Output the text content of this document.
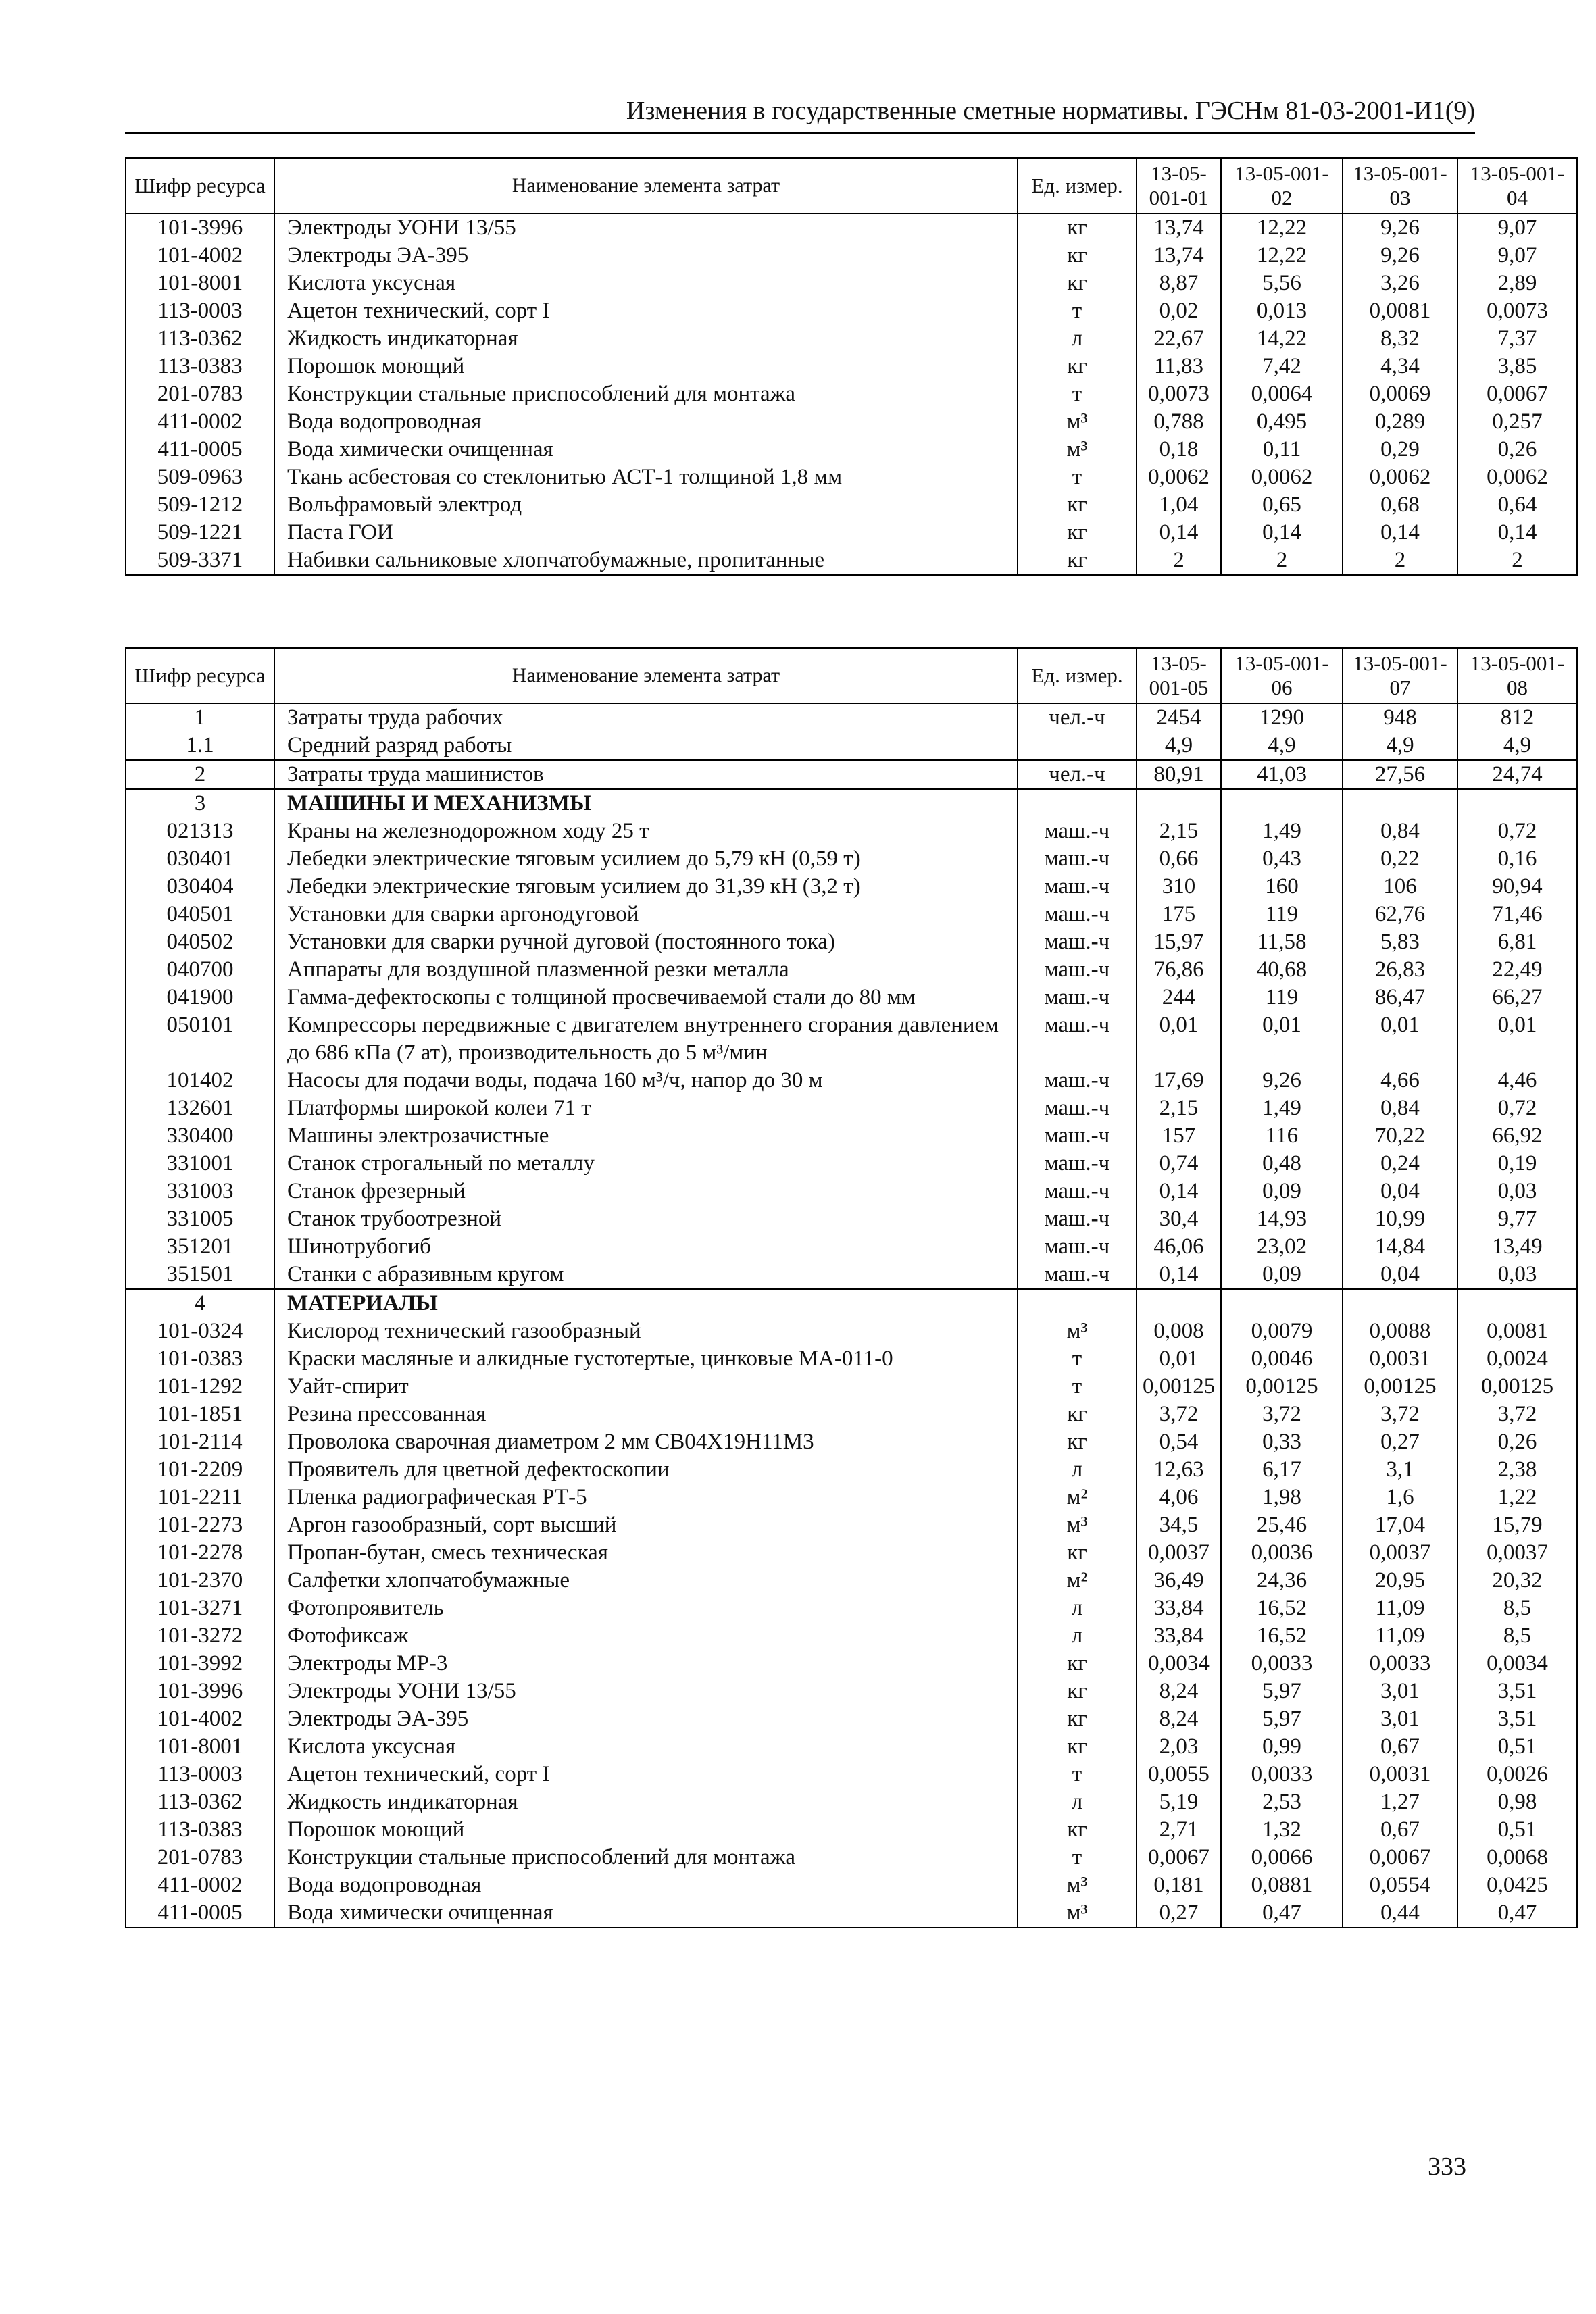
Изменения в государственные сметные нормативы. ГЭСНм 81-03-2001-И1(9)
Шифр ресурса	Наименование элемента затрат	Ед. измер.	13-05-001-01	13-05-001-02	13-05-001-03	13-05-001-04
101-3996	Электроды УОНИ 13/55	кг	13,74	12,22	9,26	9,07
101-4002	Электроды ЭА-395	кг	13,74	12,22	9,26	9,07
101-8001	Кислота уксусная	кг	8,87	5,56	3,26	2,89
113-0003	Ацетон технический, сорт I	т	0,02	0,013	0,0081	0,0073
113-0362	Жидкость индикаторная	л	22,67	14,22	8,32	7,37
113-0383	Порошок моющий	кг	11,83	7,42	4,34	3,85
201-0783	Конструкции стальные приспособлений для монтажа	т	0,0073	0,0064	0,0069	0,0067
411-0002	Вода водопроводная	м³	0,788	0,495	0,289	0,257
411-0005	Вода химически очищенная	м³	0,18	0,11	0,29	0,26
509-0963	Ткань асбестовая со стеклонитью АСТ-1 толщиной 1,8 мм	т	0,0062	0,0062	0,0062	0,0062
509-1212	Вольфрамовый электрод	кг	1,04	0,65	0,68	0,64
509-1221	Паста ГОИ	кг	0,14	0,14	0,14	0,14
509-3371	Набивки сальниковые хлопчатобумажные, пропитанные	кг	2	2	2	2
Шифр ресурса	Наименование элемента затрат	Ед. измер.	13-05-001-05	13-05-001-06	13-05-001-07	13-05-001-08
1	Затраты труда рабочих	чел.-ч	2454	1290	948	812
1.1	Средний разряд работы		4,9	4,9	4,9	4,9
2	Затраты труда машинистов	чел.-ч	80,91	41,03	27,56	24,74
3	МАШИНЫ И МЕХАНИЗМЫ					
021313	Краны на железнодорожном ходу 25 т	маш.-ч	2,15	1,49	0,84	0,72
030401	Лебедки электрические тяговым усилием до 5,79 кН (0,59 т)	маш.-ч	0,66	0,43	0,22	0,16
030404	Лебедки электрические тяговым усилием до 31,39 кН (3,2 т)	маш.-ч	310	160	106	90,94
040501	Установки для сварки аргонодуговой	маш.-ч	175	119	62,76	71,46
040502	Установки для сварки ручной дуговой (постоянного тока)	маш.-ч	15,97	11,58	5,83	6,81
040700	Аппараты для воздушной плазменной резки металла	маш.-ч	76,86	40,68	26,83	22,49
041900	Гамма-дефектоскопы с толщиной просвечиваемой стали до 80 мм	маш.-ч	244	119	86,47	66,27
050101	Компрессоры передвижные с двигателем внутреннего сгорания давлением до 686 кПа (7 ат), производительность до 5 м³/мин	маш.-ч	0,01	0,01	0,01	0,01
101402	Насосы для подачи воды, подача 160 м³/ч, напор до 30 м	маш.-ч	17,69	9,26	4,66	4,46
132601	Платформы широкой колеи 71 т	маш.-ч	2,15	1,49	0,84	0,72
330400	Машины электрозачистные	маш.-ч	157	116	70,22	66,92
331001	Станок строгальный по металлу	маш.-ч	0,74	0,48	0,24	0,19
331003	Станок фрезерный	маш.-ч	0,14	0,09	0,04	0,03
331005	Станок трубоотрезной	маш.-ч	30,4	14,93	10,99	9,77
351201	Шинотрубогиб	маш.-ч	46,06	23,02	14,84	13,49
351501	Станки с абразивным кругом	маш.-ч	0,14	0,09	0,04	0,03
4	МАТЕРИАЛЫ					
101-0324	Кислород технический газообразный	м³	0,008	0,0079	0,0088	0,0081
101-0383	Краски масляные и алкидные густотертые, цинковые МА-011-0	т	0,01	0,0046	0,0031	0,0024
101-1292	Уайт-спирит	т	0,00125	0,00125	0,00125	0,00125
101-1851	Резина прессованная	кг	3,72	3,72	3,72	3,72
101-2114	Проволока сварочная диаметром 2 мм СВ04Х19Н11М3	кг	0,54	0,33	0,27	0,26
101-2209	Проявитель для цветной дефектоскопии	л	12,63	6,17	3,1	2,38
101-2211	Пленка радиографическая РТ-5	м²	4,06	1,98	1,6	1,22
101-2273	Аргон газообразный, сорт высший	м³	34,5	25,46	17,04	15,79
101-2278	Пропан-бутан, смесь техническая	кг	0,0037	0,0036	0,0037	0,0037
101-2370	Салфетки хлопчатобумажные	м²	36,49	24,36	20,95	20,32
101-3271	Фотопроявитель	л	33,84	16,52	11,09	8,5
101-3272	Фотофиксаж	л	33,84	16,52	11,09	8,5
101-3992	Электроды МР-3	кг	0,0034	0,0033	0,0033	0,0034
101-3996	Электроды УОНИ 13/55	кг	8,24	5,97	3,01	3,51
101-4002	Электроды ЭА-395	кг	8,24	5,97	3,01	3,51
101-8001	Кислота уксусная	кг	2,03	0,99	0,67	0,51
113-0003	Ацетон технический, сорт I	т	0,0055	0,0033	0,0031	0,0026
113-0362	Жидкость индикаторная	л	5,19	2,53	1,27	0,98
113-0383	Порошок моющий	кг	2,71	1,32	0,67	0,51
201-0783	Конструкции стальные приспособлений для монтажа	т	0,0067	0,0066	0,0067	0,0068
411-0002	Вода водопроводная	м³	0,181	0,0881	0,0554	0,0425
411-0005	Вода химически очищенная	м³	0,27	0,47	0,44	0,47
333
